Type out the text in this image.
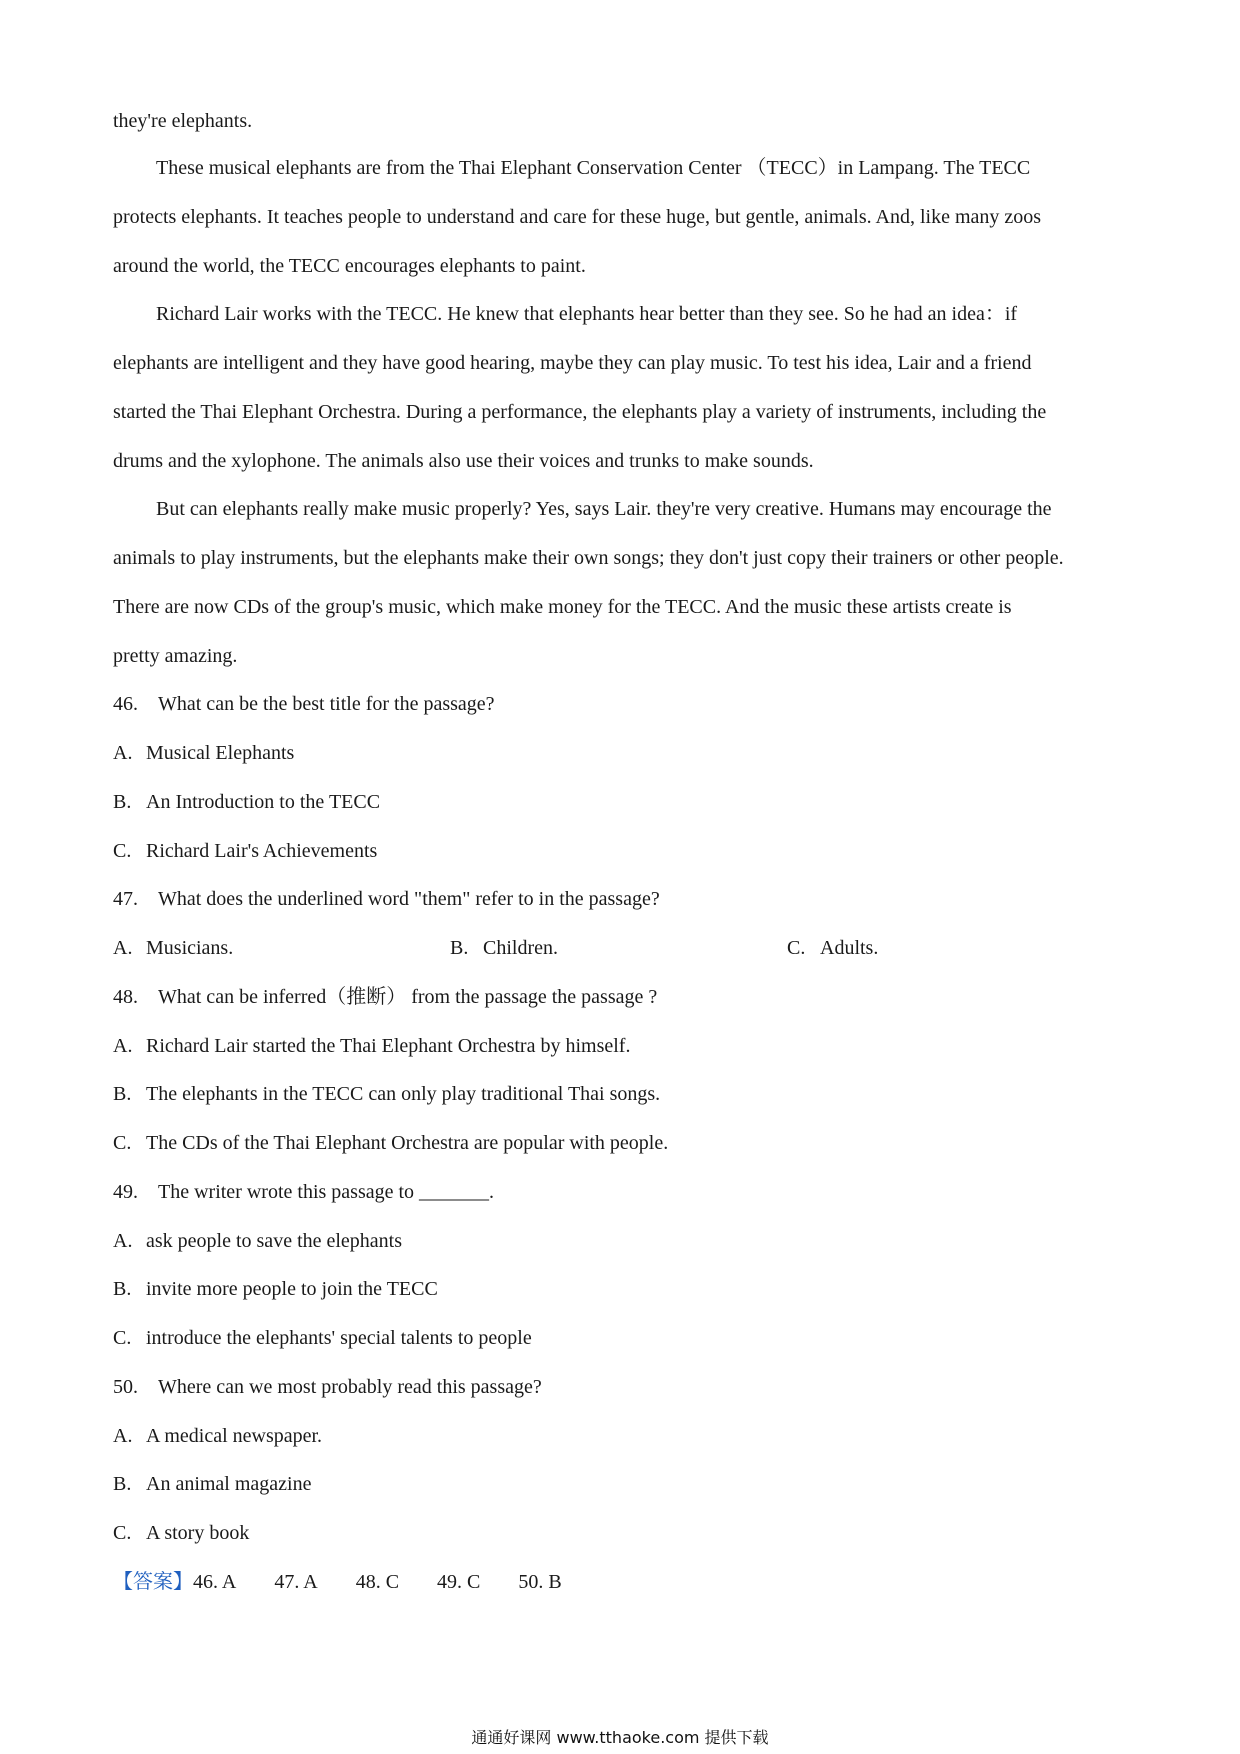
they're elephants.
These musical elephants are from the Thai Elephant Conservation Center （TECC）in Lampang. The TECC
protects elephants. It teaches people to understand and care for these huge, but gentle, animals. And, like many zoos
around the world, the TECC encourages elephants to paint.
Richard Lair works with the TECC. He knew that elephants hear better than they see. So he had an idea：if
elephants are intelligent and they have good hearing, maybe they can play music. To test his idea, Lair and a friend
started the Thai Elephant Orchestra. During a performance, the elephants play a variety of instruments, including the
drums and the xylophone. The animals also use their voices and trunks to make sounds.
But can elephants really make music properly? Yes, says Lair. they're very creative. Humans may encourage the
animals to play instruments, but the elephants make their own songs; they don't just copy their trainers or other people.
There are now CDs of the group's music, which make money for the TECC. And the music these artists create is
pretty amazing.
46. What can be the best title for the passage?
A. Musical Elephants
B. An Introduction to the TECC
C. Richard Lair's Achievements
47. What does the underlined word "them" refer to in the passage?
A. Musicians.	B. Children.	C. Adults.
48. What can be inferred（推断） from the passage the passage ?
A. Richard Lair started the Thai Elephant Orchestra by himself.
B. The elephants in the TECC can only play traditional Thai songs.
C. The CDs of the Thai Elephant Orchestra are popular with people.
49. The writer wrote this passage to _______.
A. ask people to save the elephants
B. invite more people to join the TECC
C. introduce the elephants' special talents to people
50. Where can we most probably read this passage?
A. A medical newspaper.
B. An animal magazine
C. A story book
【答案】46. A 47. A 48. C 49. C 50. B
通通好课网 www.tthaoke.com 提供下载
